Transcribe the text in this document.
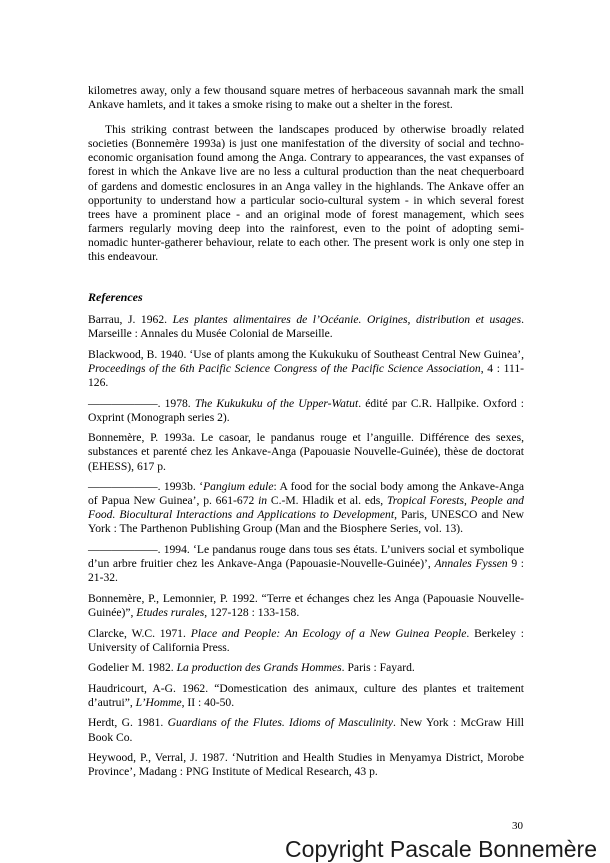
kilometres away, only a few thousand square metres of herbaceous savannah mark the small Ankave hamlets, and it takes a smoke rising to make out a shelter in the forest.

This striking contrast between the landscapes produced by otherwise broadly related societies (Bonnemère 1993a) is just one manifestation of the diversity of social and techno-economic organisation found among the Anga. Contrary to appearances, the vast expanses of forest in which the Ankave live are no less a cultural production than the neat chequerboard of gardens and domestic enclosures in an Anga valley in the highlands. The Ankave offer an opportunity to understand how a particular socio-cultural system - in which several forest trees have a prominent place - and an original mode of forest management, which sees farmers regularly moving deep into the rainforest, even to the point of adopting semi-nomadic hunter-gatherer behaviour, relate to each other. The present work is only one step in this endeavour.

References

Barrau, J. 1962. Les plantes alimentaires de l’Océanie. Origines, distribution et usages. Marseille : Annales du Musée Colonial de Marseille.

Blackwood, B. 1940. ‘Use of plants among the Kukukuku of Southeast Central New Guinea’, Proceedings of the 6th Pacific Science Congress of the Pacific Science Association, 4 : 111-126.

——————. 1978. The Kukukuku of the Upper-Watut. édité par C.R. Hallpike. Oxford : Oxprint (Monograph series 2).

Bonnemère, P. 1993a. Le casoar, le pandanus rouge et l’anguille. Différence des sexes, substances et parenté chez les Ankave-Anga (Papouasie Nouvelle-Guinée), thèse de doctorat (EHESS), 617 p.

——————. 1993b. ‘Pangium edule: A food for the social body among the Ankave-Anga of Papua New Guinea’, p. 661-672 in C.-M. Hladik et al. eds, Tropical Forests, People and Food. Biocultural Interactions and Applications to Development, Paris, UNESCO and New York : The Parthenon Publishing Group (Man and the Biosphere Series, vol. 13).

——————. 1994. ‘Le pandanus rouge dans tous ses états. L’univers social et symbolique d’un arbre fruitier chez les Ankave-Anga (Papouasie-Nouvelle-Guinée)’, Annales Fyssen 9 : 21-32.

Bonnemère, P., Lemonnier, P. 1992. “Terre et échanges chez les Anga (Papouasie Nouvelle-Guinée)”, Etudes rurales, 127-128 : 133-158.

Clarcke, W.C. 1971. Place and People: An Ecology of a New Guinea People. Berkeley : University of California Press.

Godelier M. 1982. La production des Grands Hommes. Paris : Fayard.

Haudricourt, A-G. 1962. “Domestication des animaux, culture des plantes et traitement d’autrui”, L’Homme, II : 40-50.

Herdt, G. 1981. Guardians of the Flutes. Idioms of Masculinity. New York : McGraw Hill Book Co.

Heywood, P., Verral, J. 1987. ‘Nutrition and Health Studies in Menyamya District, Morobe Province’, Madang : PNG Institute of Medical Research, 43 p.

30
Copyright Pascale Bonnemère
